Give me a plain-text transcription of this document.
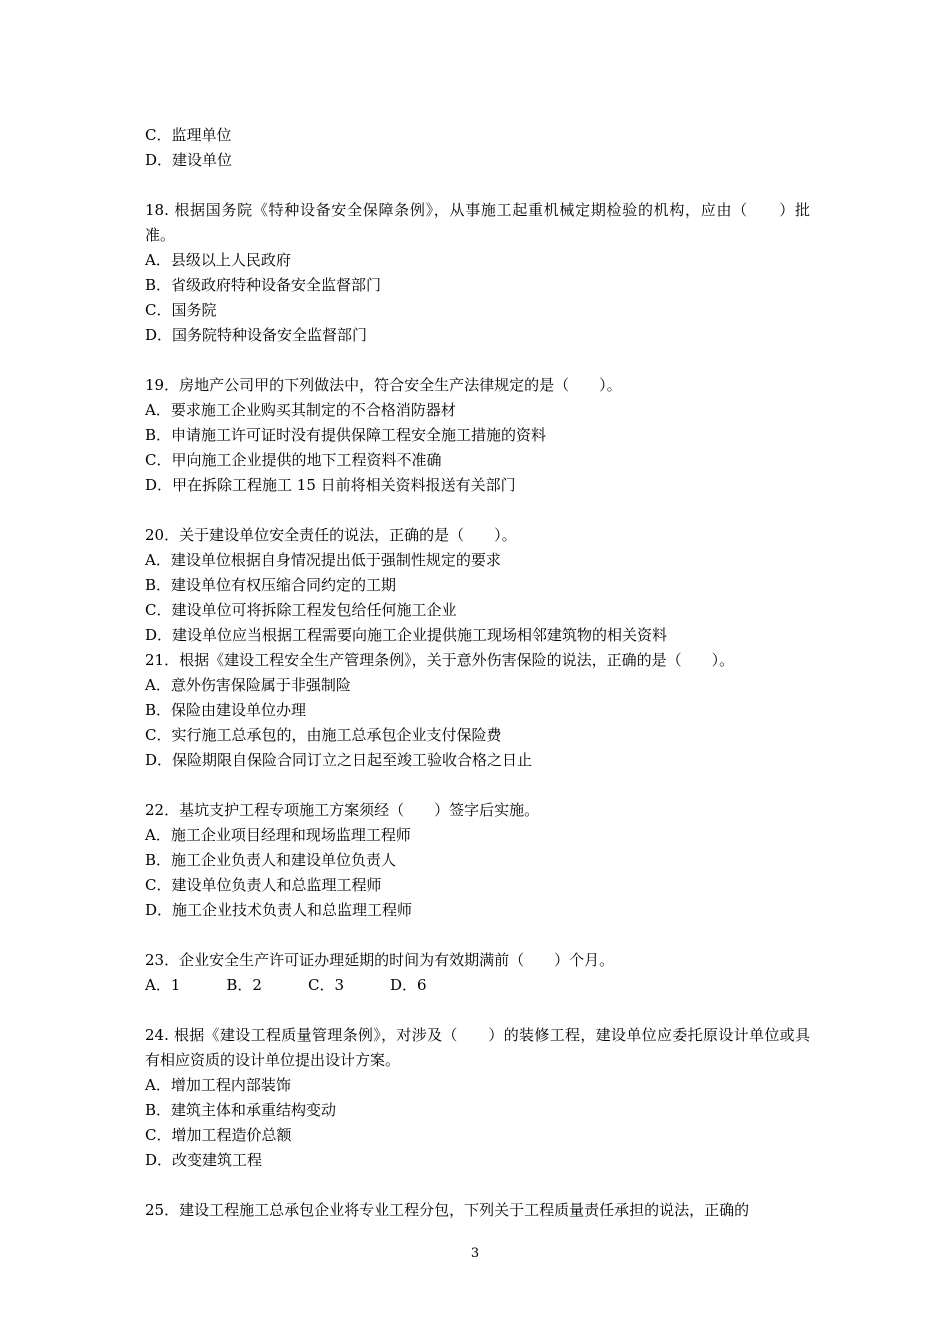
C．监理单位
D．建设单位
18. 根据国务院《特种设备安全保障条例》，从事施工起重机械定期检验的机构，应由（　　）批准。
A．县级以上人民政府
B．省级政府特种设备安全监督部门
C．国务院
D．国务院特种设备安全监督部门
19．房地产公司甲的下列做法中，符合安全生产法律规定的是（　　）。
A．要求施工企业购买其制定的不合格消防器材
B．申请施工许可证时没有提供保障工程安全施工措施的资料
C．甲向施工企业提供的地下工程资料不准确
D．甲在拆除工程施工 15 日前将相关资料报送有关部门
20．关于建设单位安全责任的说法，正确的是（　　）。
A．建设单位根据自身情况提出低于强制性规定的要求
B．建设单位有权压缩合同约定的工期
C．建设单位可将拆除工程发包给任何施工企业
D．建设单位应当根据工程需要向施工企业提供施工现场相邻建筑物的相关资料
21．根据《建设工程安全生产管理条例》，关于意外伤害保险的说法，正确的是（　　）。
A．意外伤害保险属于非强制险
B．保险由建设单位办理
C．实行施工总承包的，由施工总承包企业支付保险费
D．保险期限自保险合同订立之日起至竣工验收合格之日止
22．基坑支护工程专项施工方案须经（　　）签字后实施。
A．施工企业项目经理和现场监理工程师
B．施工企业负责人和建设单位负责人
C．建设单位负责人和总监理工程师
D．施工企业技术负责人和总监理工程师
23．企业安全生产许可证办理延期的时间为有效期满前（　　）个月。
A．1	B．2	C．3	D．6
24. 根据《建设工程质量管理条例》，对涉及（　　）的装修工程，建设单位应委托原设计单位或具有相应资质的设计单位提出设计方案。
A．增加工程内部装饰
B．建筑主体和承重结构变动
C．增加工程造价总额
D．改变建筑工程
25．建设工程施工总承包企业将专业工程分包，下列关于工程质量责任承担的说法，正确的
3
